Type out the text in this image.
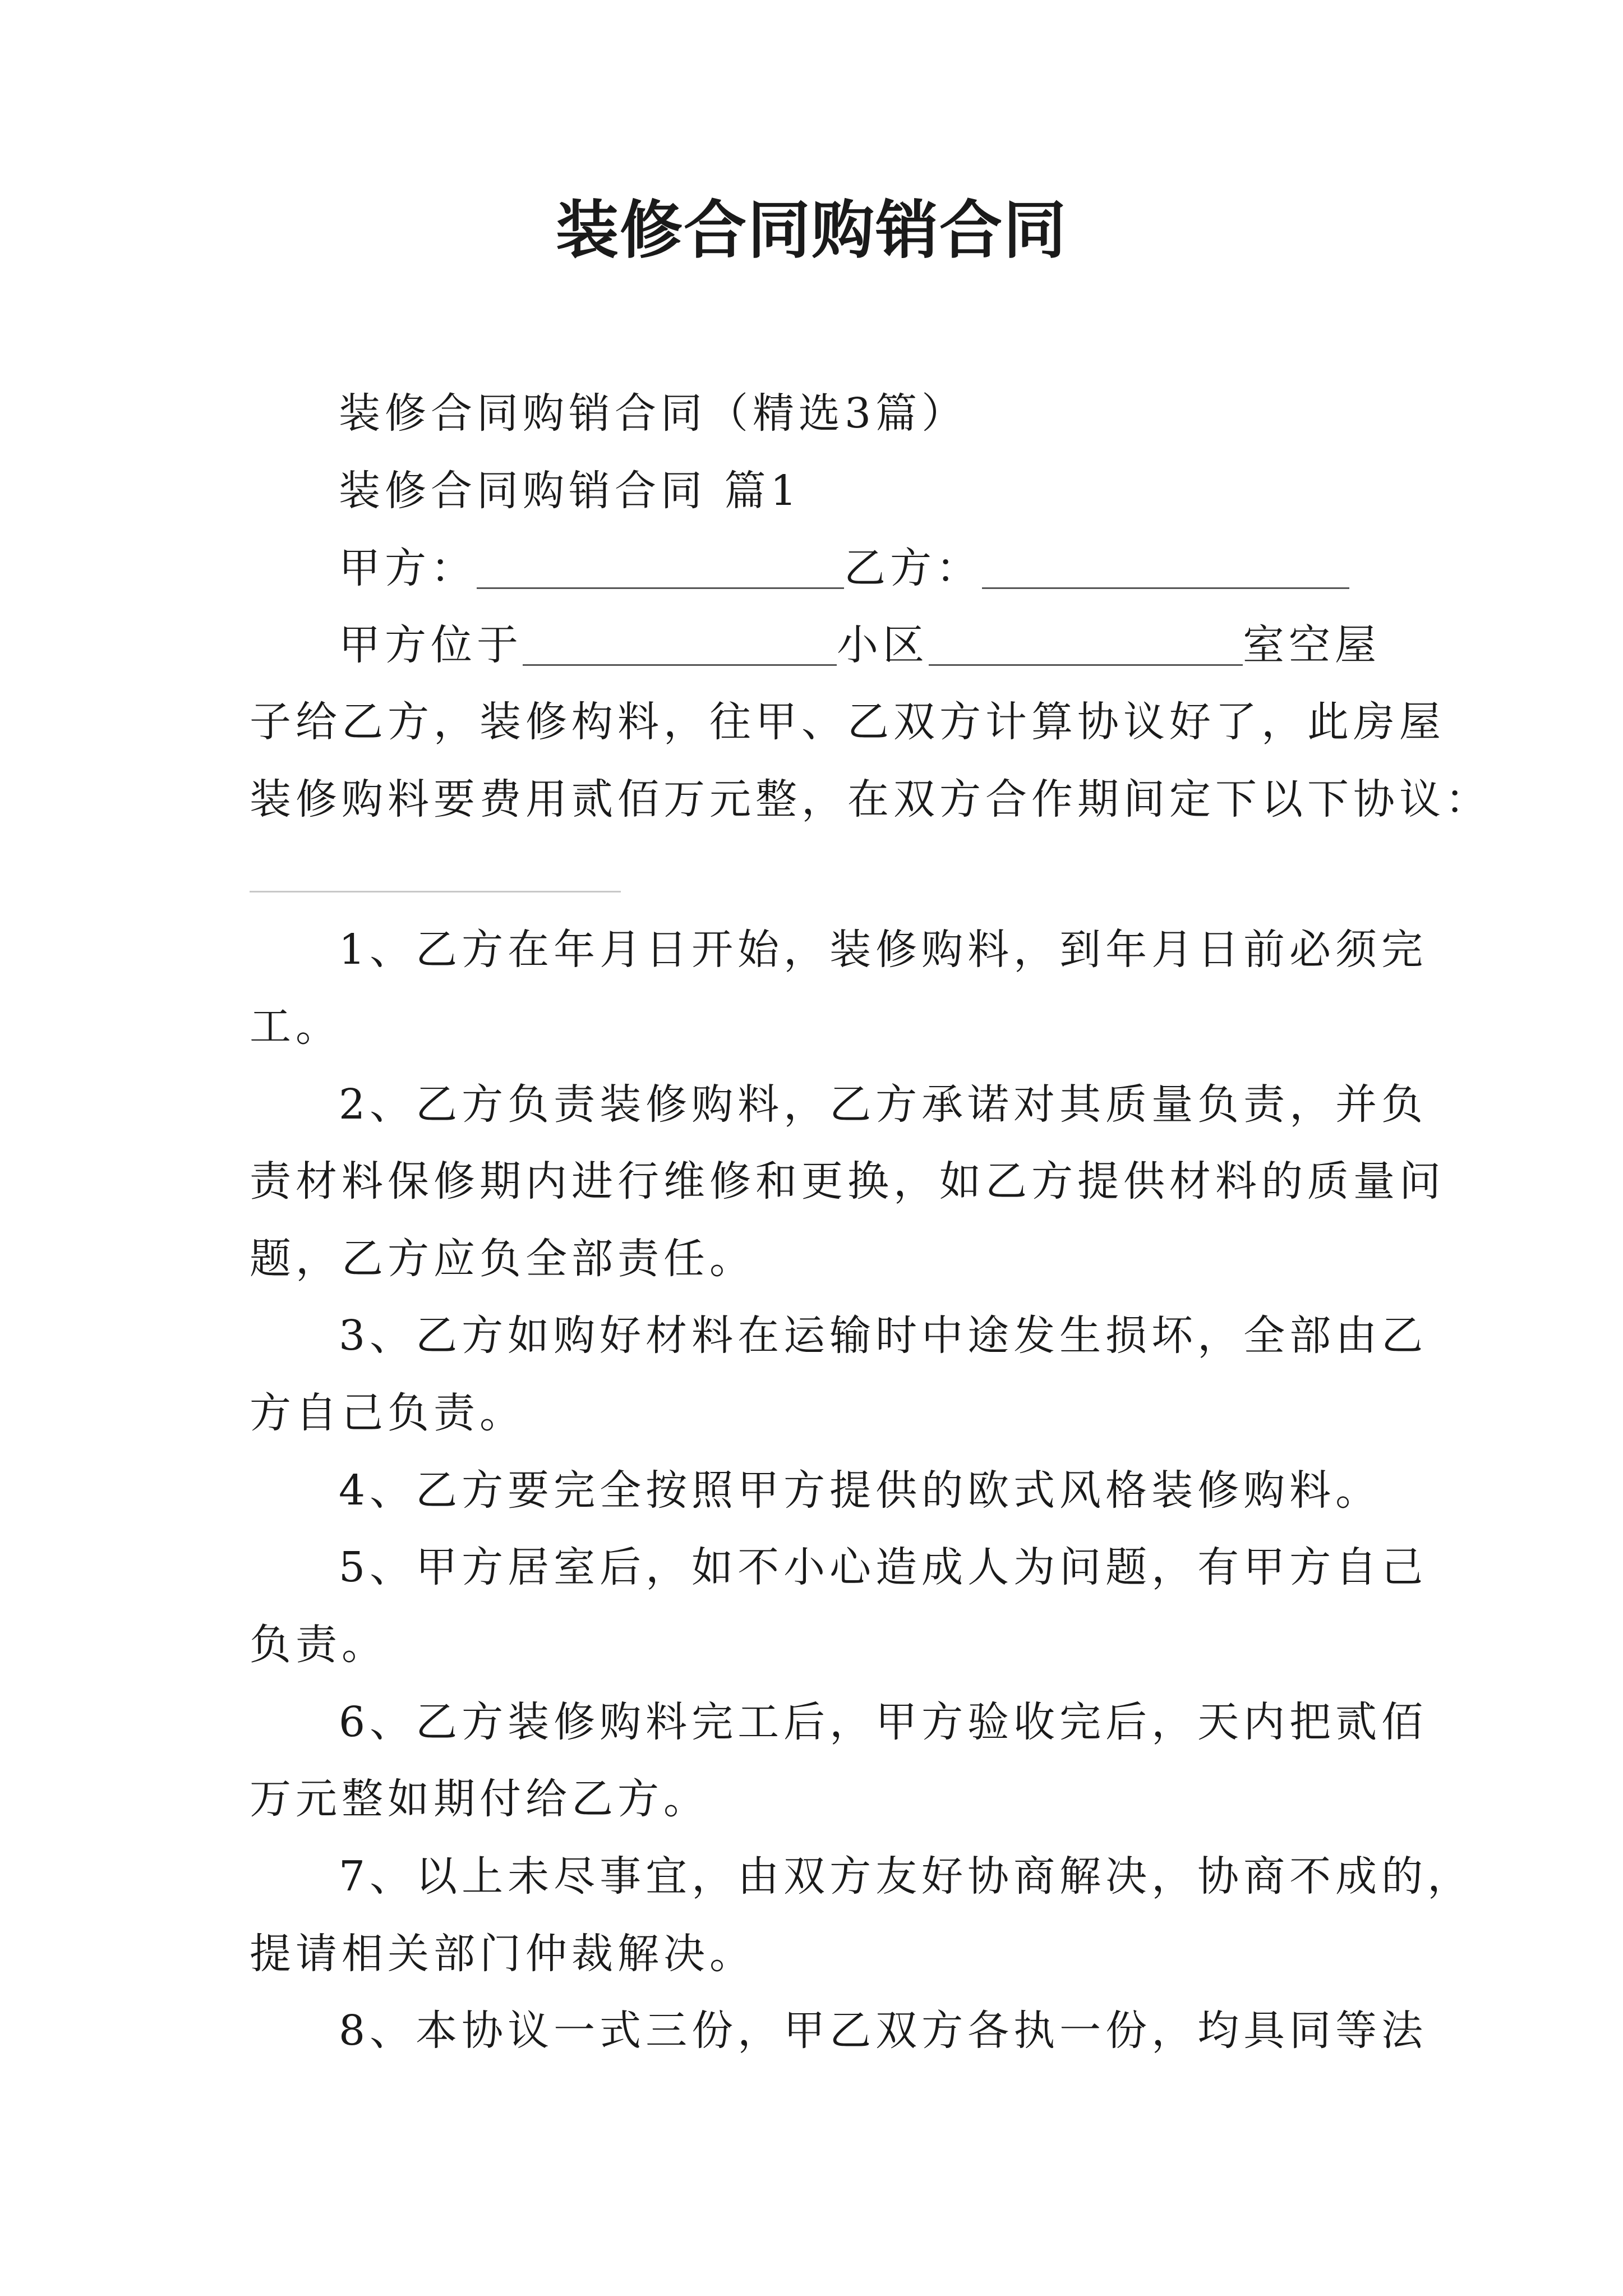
装修合同购销合同
装修合同购销合同（精选3篇）
装修合同购销合同 篇1
甲方：	乙方：
甲方位于	小区	室空屋
子给乙方，装修构料，往甲、乙双方计算协议好了，此房屋
装修购料要费用贰佰万元整，在双方合作期间定下以下协议：
1、乙方在年月日开始，装修购料，到年月日前必须完
工。
2、乙方负责装修购料，乙方承诺对其质量负责，并负
责材料保修期内进行维修和更换，如乙方提供材料的质量问
题，乙方应负全部责任。
3、乙方如购好材料在运输时中途发生损坏，全部由乙
方自己负责。
4、乙方要完全按照甲方提供的欧式风格装修购料。
5、甲方居室后，如不小心造成人为问题，有甲方自己
负责。
6、乙方装修购料完工后，甲方验收完后，天内把贰佰
万元整如期付给乙方。
7、以上未尽事宜，由双方友好协商解决，协商不成的，
提请相关部门仲裁解决。
8、本协议一式三份，甲乙双方各执一份，均具同等法
